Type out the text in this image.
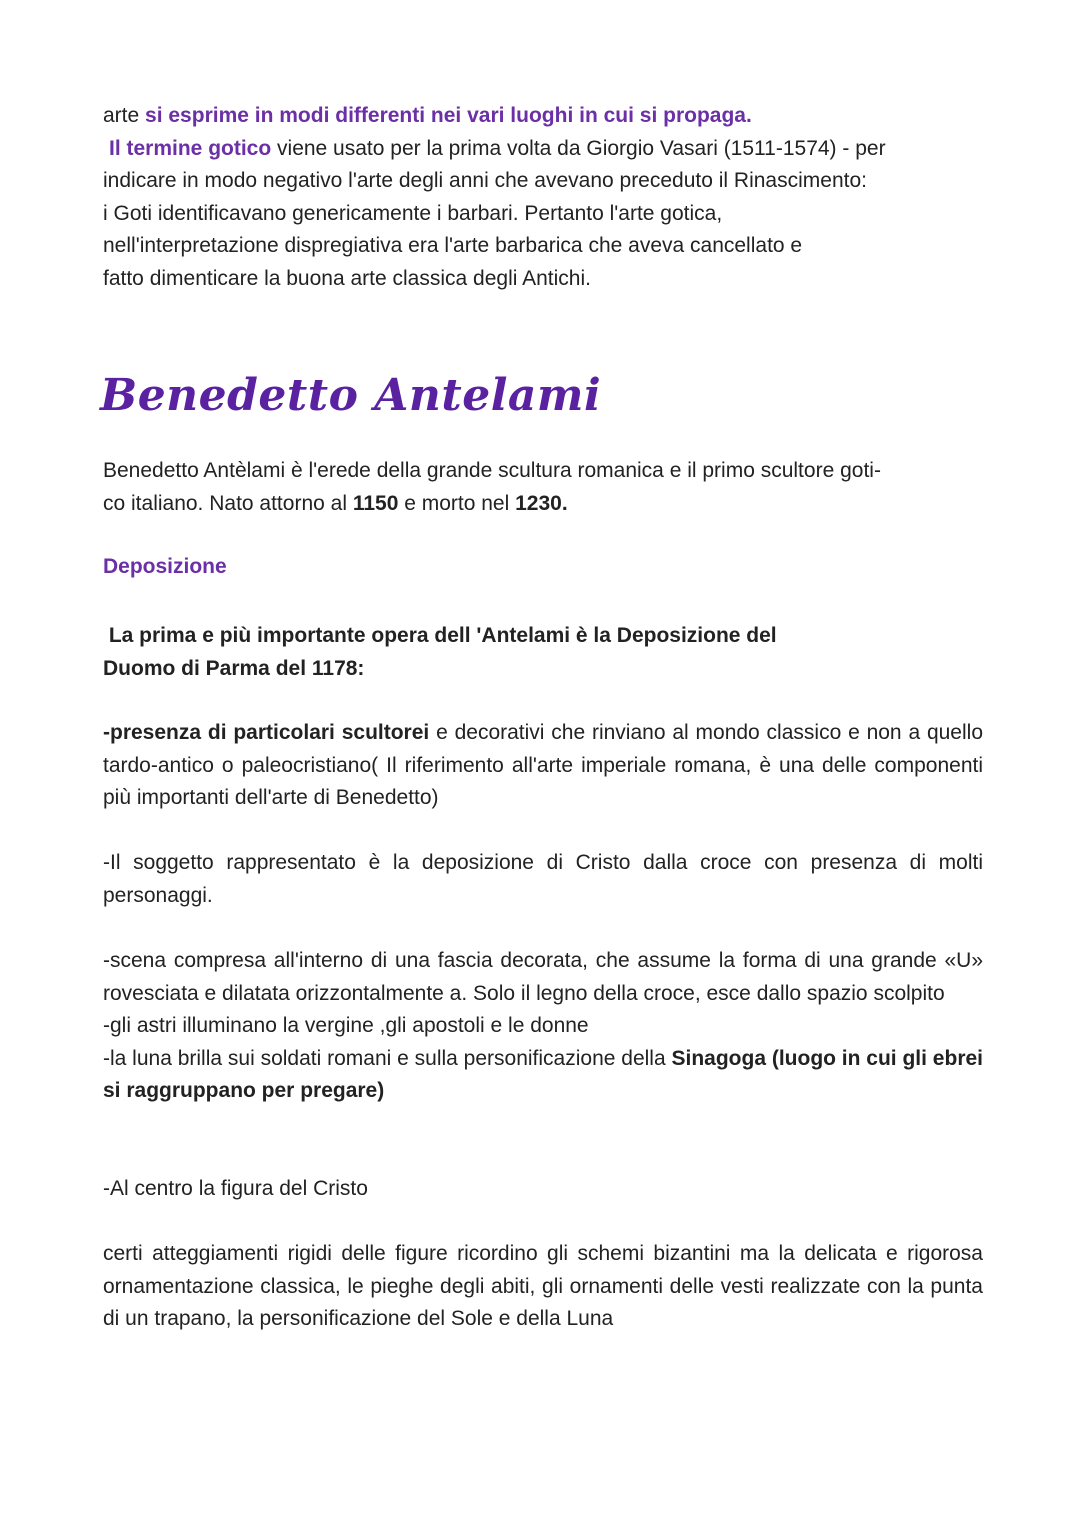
arte si esprime in modi differenti nei vari luoghi in cui si propaga.
Il termine gotico viene usato per la prima volta da Giorgio Vasari (1511-1574) - per
indicare in modo negativo l'arte degli anni che avevano preceduto il Rinascimento:
i Goti identificavano genericamente i barbari. Pertanto l'arte gotica,
nell'interpretazione dispregiativa era l'arte barbarica che aveva cancellato e
fatto dimenticare la buona arte classica degli Antichi.
Benedetto Antelami
Benedetto Antèlami è l'erede della grande scultura romanica e il primo scultore goti-
co italiano. Nato attorno al 1150 e morto nel 1230.
Deposizione
La prima e più importante opera dell 'Antelami è la Deposizione del
Duomo di Parma del 1178:

-presenza di particolari scultorei e decorativi che rinviano al mondo classico e non a quello tardo-antico o paleocristiano( Il riferimento all'arte imperiale romana, è una delle componenti più importanti dell'arte di Benedetto)

-Il soggetto rappresentato è la deposizione di Cristo dalla croce con presenza di molti personaggi.

-scena compresa all'interno di una fascia decorata, che assume la forma di una grande «U» rovesciata e dilatata orizzontalmente a. Solo il legno della croce, esce dallo spazio scolpito
-gli astri illuminano la vergine ,gli apostoli e le donne
-la luna brilla sui soldati romani e sulla personificazione della Sinagoga (luogo in cui gli ebrei si raggruppano per pregare)

-Al centro la figura del Cristo

certi atteggiamenti rigidi delle figure ricordino gli schemi bizantini ma la delicata e rigorosa ornamentazione classica, le pieghe degli abiti, gli ornamenti delle vesti realizzate con la punta di un trapano, la personificazione del Sole e della Luna
